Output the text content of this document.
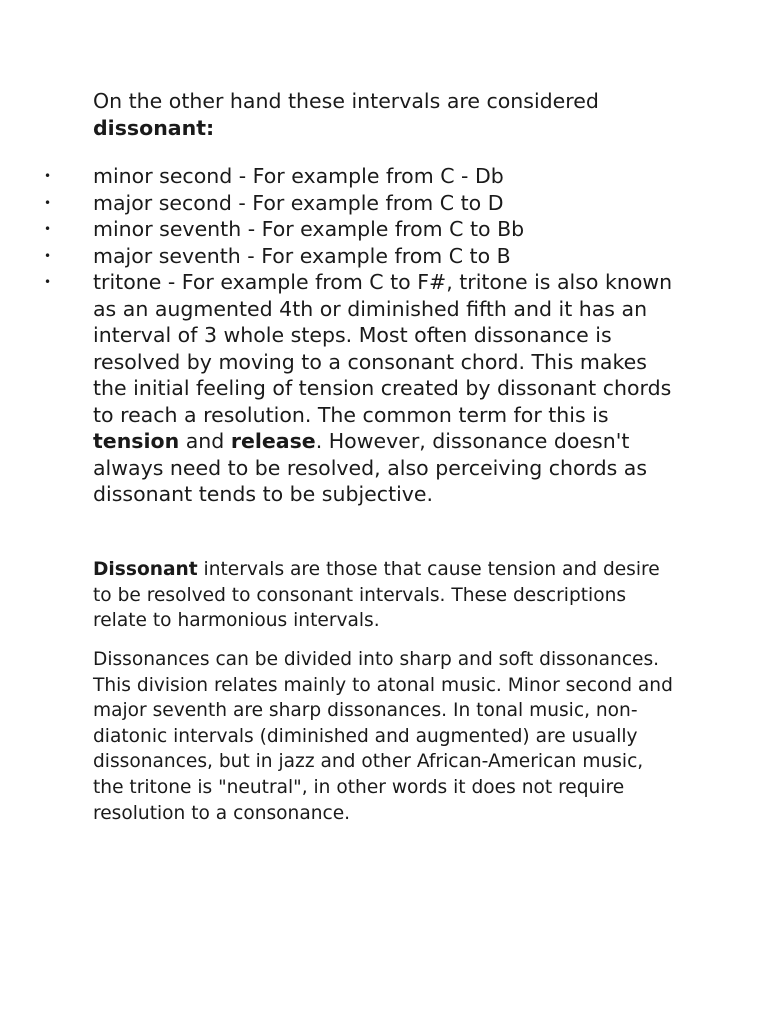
On the other hand these intervals are considered dissonant:

• minor second - For example from C - Db
• major second - For example from C to D
• minor seventh - For example from C to Bb
• major seventh - For example from C to B
• tritone - For example from C to F#, tritone is also known as an augmented 4th or diminished fifth and it has an interval of 3 whole steps. Most often dissonance is resolved by moving to a consonant chord. This makes the initial feeling of tension created by dissonant chords to reach a resolution. The common term for this is tension and release. However, dissonance doesn't always need to be resolved, also perceiving chords as dissonant tends to be subjective.

Dissonant intervals are those that cause tension and desire to be resolved to consonant intervals. These descriptions relate to harmonious intervals.

Dissonances can be divided into sharp and soft dissonances. This division relates mainly to atonal music. Minor second and major seventh are sharp dissonances. In tonal music, non-diatonic intervals (diminished and augmented) are usually dissonances, but in jazz and other African-American music, the tritone is "neutral", in other words it does not require resolution to a consonance.
